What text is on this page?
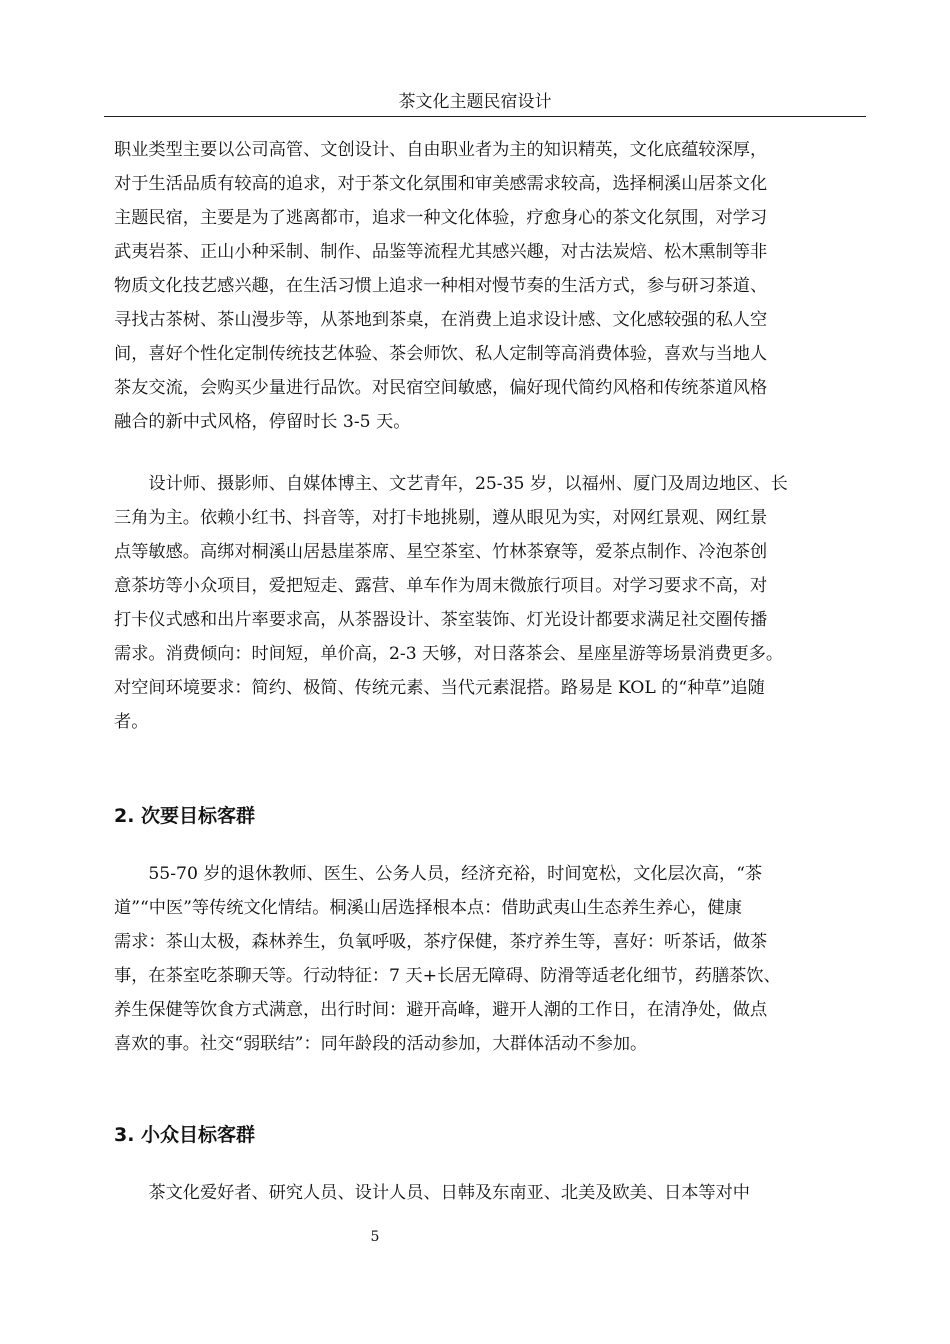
茶文化主题民宿设计
职业类型主要以公司高管、文创设计、自由职业者为主的知识精英，文化底蕴较深厚，
对于生活品质有较高的追求，对于茶文化氛围和审美感需求较高，选择桐溪山居茶文化
主题民宿，主要是为了逃离都市，追求一种文化体验，疗愈身心的茶文化氛围，对学习
武夷岩茶、正山小种采制、制作、品鉴等流程尤其感兴趣，对古法炭焙、松木熏制等非
物质文化技艺感兴趣，在生活习惯上追求一种相对慢节奏的生活方式，参与研习茶道、
寻找古茶树、茶山漫步等，从茶地到茶桌，在消费上追求设计感、文化感较强的私人空
间，喜好个性化定制传统技艺体验、茶会师饮、私人定制等高消费体验，喜欢与当地人
茶友交流，会购买少量进行品饮。对民宿空间敏感，偏好现代简约风格和传统茶道风格
融合的新中式风格，停留时长 3-5 天。
　　设计师、摄影师、自媒体博主、文艺青年，25-35 岁，以福州、厦门及周边地区、长
三角为主。依赖小红书、抖音等，对打卡地挑剔，遵从眼见为实，对网红景观、网红景
点等敏感。高绑对桐溪山居悬崖茶席、星空茶室、竹林茶寮等，爱茶点制作、冷泡茶创
意茶坊等小众项目，爱把短走、露营、单车作为周末微旅行项目。对学习要求不高，对
打卡仪式感和出片率要求高，从茶器设计、茶室装饰、灯光设计都要求满足社交圈传播
需求。消费倾向：时间短，单价高，2-3 天够，对日落茶会、星座星游等场景消费更多。
对空间环境要求：简约、极简、传统元素、当代元素混搭。路易是 KOL 的“种草”追随
者。
2. 次要目标客群
　　55-70 岁的退休教师、医生、公务人员，经济充裕，时间宽松，文化层次高，“茶
道”“中医”等传统文化情结。桐溪山居选择根本点：借助武夷山生态养生养心，健康
需求：茶山太极，森林养生，负氧呼吸，茶疗保健，茶疗养生等，喜好：听茶话，做茶
事，在茶室吃茶聊天等。行动特征：7 天+长居无障碍、防滑等适老化细节，药膳茶饮、
养生保健等饮食方式满意，出行时间：避开高峰，避开人潮的工作日，在清净处，做点
喜欢的事。社交“弱联结”：同年龄段的活动参加，大群体活动不参加。
3. 小众目标客群
　　茶文化爱好者、研究人员、设计人员、日韩及东南亚、北美及欧美、日本等对中
5
